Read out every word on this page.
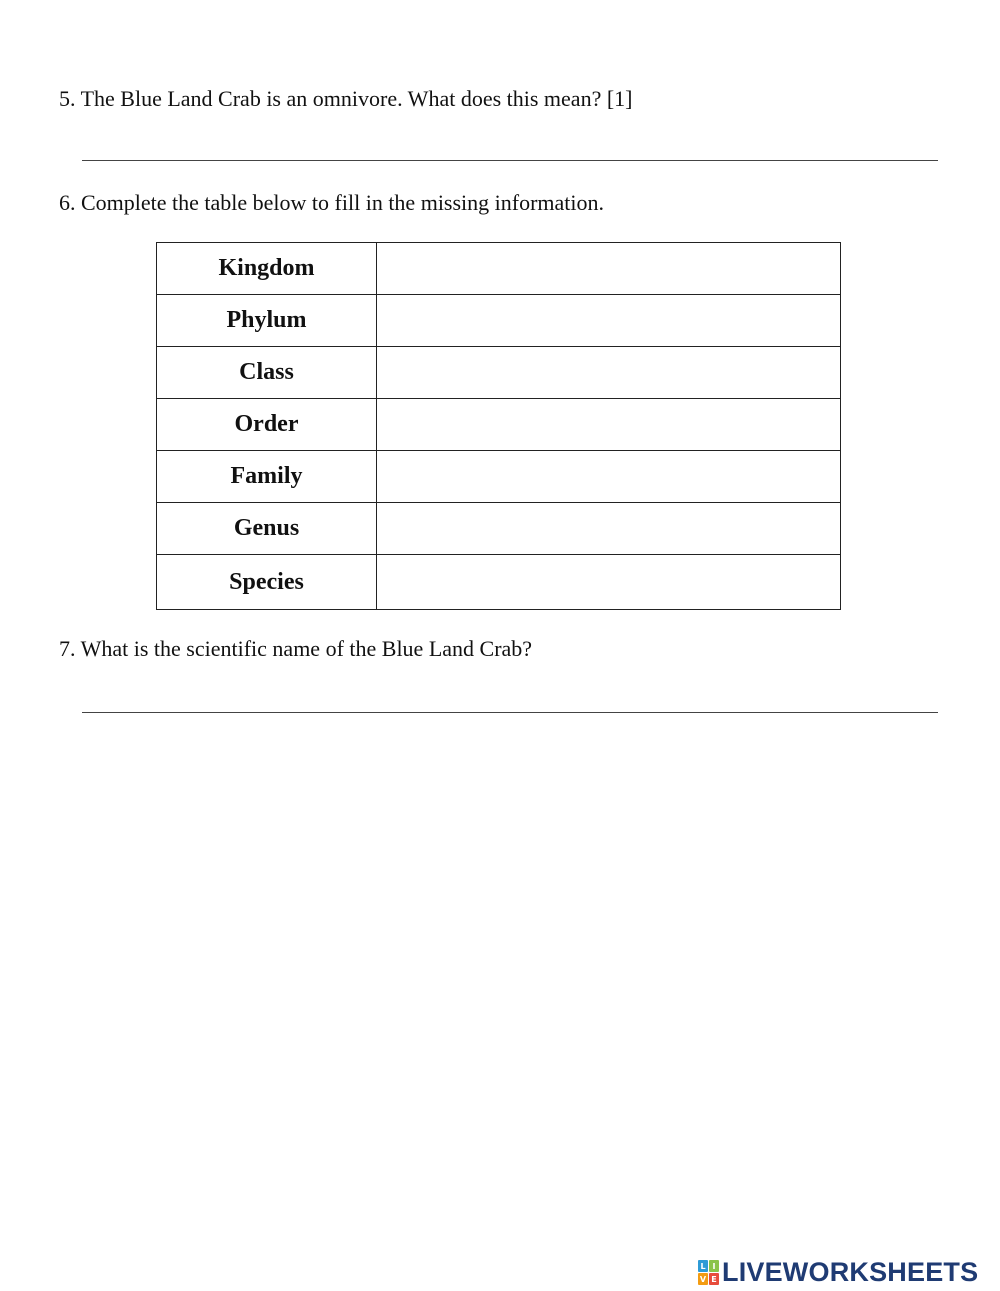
5. The Blue Land Crab is an omnivore. What does this mean? [1]

6. Complete the table below to fill in the missing information.

Kingdom	
Phylum	
Class	
Order	
Family	
Genus	
Species	

7. What is the scientific name of the Blue Land Crab?

L I
V E LIVEWORKSHEETS
